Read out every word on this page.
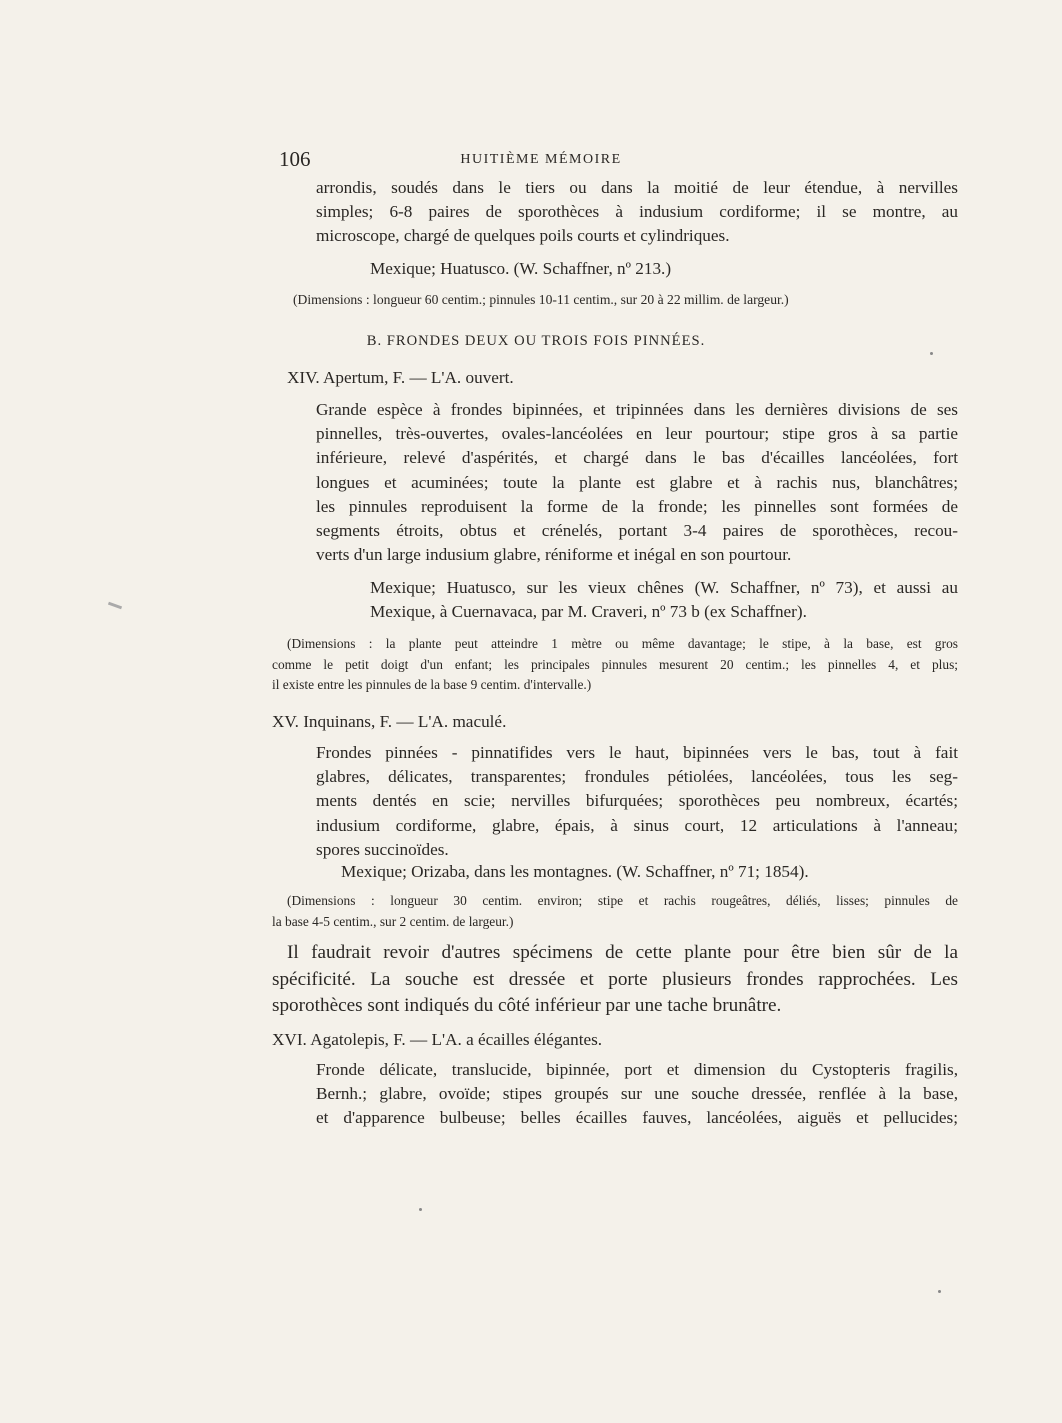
106	HUITIÈME MÉMOIRE
arrondis, soudés dans le tiers ou dans la moitié de leur étendue, à nervilles
simples; 6-8 paires de sporothèces à indusium cordiforme; il se montre, au
microscope, chargé de quelques poils courts et cylindriques.
Mexique; Huatusco. (W. Schaffner, nº 213.)
(Dimensions : longueur 60 centim.; pinnules 10-11 centim., sur 20 à 22 millim. de largeur.)
B. FRONDES DEUX OU TROIS FOIS PINNÉES.
XIV. Apertum, F. — L'A. ouvert.
Grande espèce à frondes bipinnées, et tripinnées dans les dernières divisions de ses
pinnelles, très-ouvertes, ovales-lancéolées en leur pourtour; stipe gros à sa partie
inférieure, relevé d'aspérités, et chargé dans le bas d'écailles lancéolées, fort
longues et acuminées; toute la plante est glabre et à rachis nus, blanchâtres;
les pinnules reproduisent la forme de la fronde; les pinnelles sont formées de
segments étroits, obtus et crénelés, portant 3-4 paires de sporothèces, recou-
verts d'un large indusium glabre, réniforme et inégal en son pourtour.
Mexique; Huatusco, sur les vieux chênes (W. Schaffner, nº 73), et aussi au
Mexique, à Cuernavaca, par M. Craveri, nº 73 b (ex Schaffner).
(Dimensions : la plante peut atteindre 1 mètre ou même davantage; le stipe, à la base, est gros
comme le petit doigt d'un enfant; les principales pinnules mesurent 20 centim.; les pinnelles 4, et plus;
il existe entre les pinnules de la base 9 centim. d'intervalle.)
XV. Inquinans, F. — L'A. maculé.
Frondes pinnées - pinnatifides vers le haut, bipinnées vers le bas, tout à fait
glabres, délicates, transparentes; frondules pétiolées, lancéolées, tous les seg-
ments dentés en scie; nervilles bifurquées; sporothèces peu nombreux, écartés;
indusium cordiforme, glabre, épais, à sinus court, 12 articulations à l'anneau;
spores succinoïdes.
Mexique; Orizaba, dans les montagnes. (W. Schaffner, nº 71; 1854).
(Dimensions : longueur 30 centim. environ; stipe et rachis rougeâtres, déliés, lisses; pinnules de
la base 4-5 centim., sur 2 centim. de largeur.)
Il faudrait revoir d'autres spécimens de cette plante pour être bien sûr de la
spécificité. La souche est dressée et porte plusieurs frondes rapprochées. Les
sporothèces sont indiqués du côté inférieur par une tache brunâtre.
XVI. Agatolepis, F. — L'A. a écailles élégantes.
Fronde délicate, translucide, bipinnée, port et dimension du Cystopteris fragilis,
Bernh.; glabre, ovoïde; stipes groupés sur une souche dressée, renflée à la base,
et d'apparence bulbeuse; belles écailles fauves, lancéolées, aiguës et pellucides;
